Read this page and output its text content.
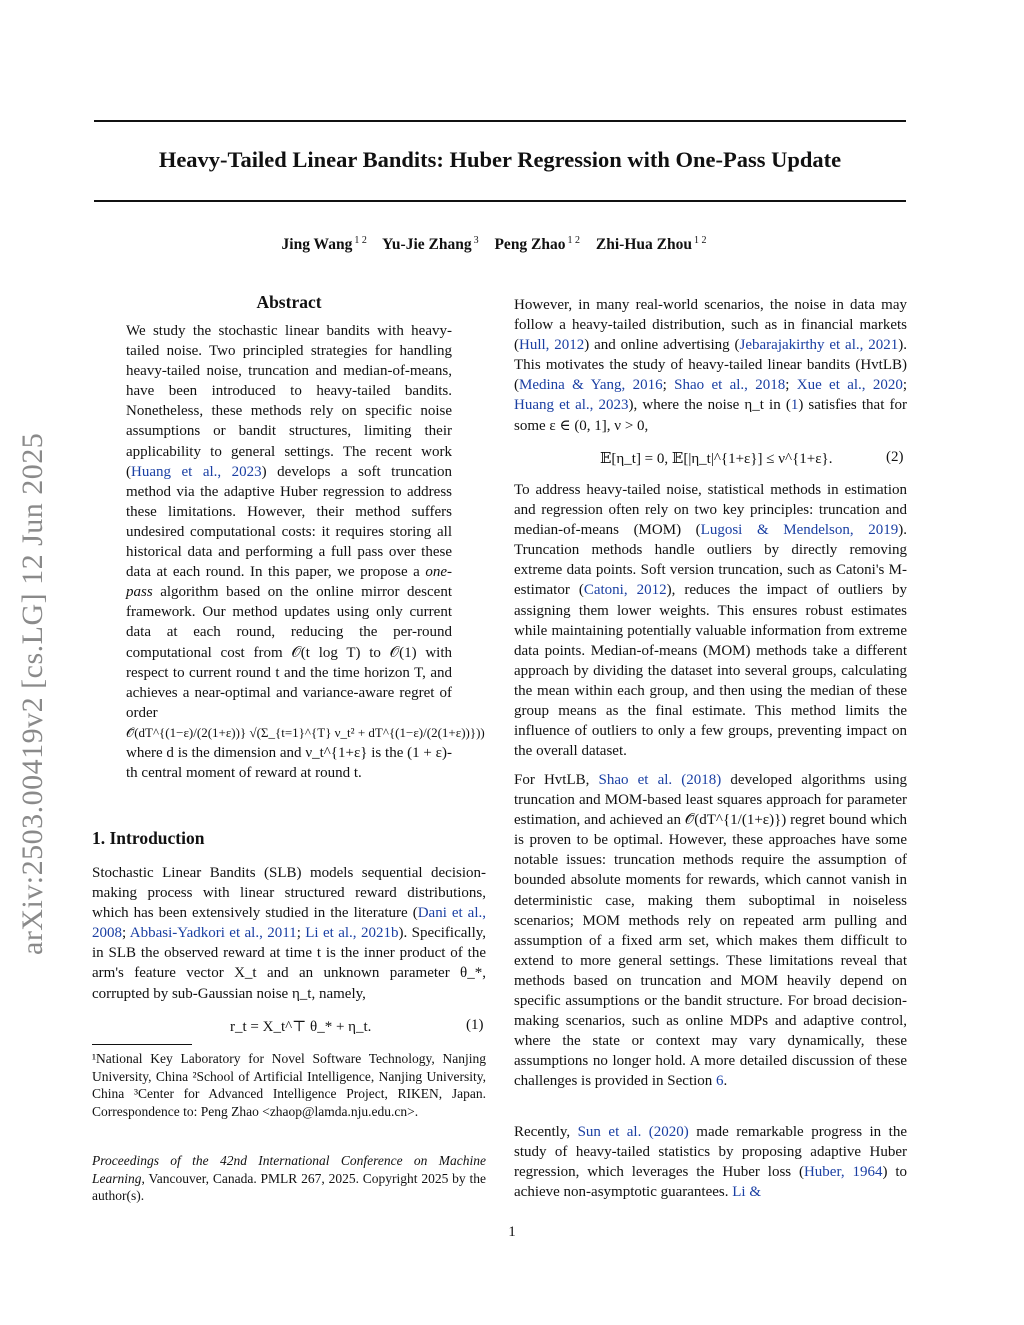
Heavy-Tailed Linear Bandits: Huber Regression with One-Pass Update
Jing Wang $^{1 2}$ Yu-Jie Zhang $^3$ Peng Zhao $^{1 2}$ Zhi-Hua Zhou $^{1 2}$
arXiv:2503.00419v2 [cs.LG] 12 Jun 2025
Abstract
We study the stochastic linear bandits with heavy-tailed noise. Two principled strategies for handling heavy-tailed noise, truncation and median-of-means, have been introduced to heavy-tailed bandits. Nonetheless, these methods rely on specific noise assumptions or bandit structures, limiting their applicability to general settings. The recent work (Huang et al., 2023) develops a soft truncation method via the adaptive Huber regression to address these limitations. However, their method suffers undesired computational costs: it requires storing all historical data and performing a full pass over these data at each round. In this paper, we propose a one-pass algorithm based on the online mirror descent framework. Our method updates using only current data at each round, reducing the per-round computational cost from 𝒪(t log T) to 𝒪(1) with respect to current round t and the time horizon T, and achieves a near-optimal and variance-aware regret of order 𝒪̃(dT^{(1−ε)/(2(1+ε))} √(Σ_{t=1}^{T} ν_t² + dT^{(1−ε)/(2(1+ε))})) where d is the dimension and ν_t^{1+ε} is the (1 + ε)-th central moment of reward at round t.
1. Introduction

Stochastic Linear Bandits (SLB) models sequential decision-making process with linear structured reward distributions, which has been extensively studied in the literature (Dani et al., 2008; Abbasi-Yadkori et al., 2011; Li et al., 2021b). Specifically, in SLB the observed reward at time t is the inner product of the arm's feature vector X_t and an unknown parameter θ_*, corrupted by sub-Gaussian noise η_t, namely,

r_t = X_t^⊤ θ_* + η_t.	(1)
¹National Key Laboratory for Novel Software Technology, Nanjing University, China ²School of Artificial Intelligence, Nanjing University, China ³Center for Advanced Intelligence Project, RIKEN, Japan. Correspondence to: Peng Zhao <zhaop@lamda.nju.edu.cn>.
Proceedings of the 42nd International Conference on Machine Learning, Vancouver, Canada. PMLR 267, 2025. Copyright 2025 by the author(s).

However, in many real-world scenarios, the noise in data may follow a heavy-tailed distribution, such as in financial markets (Hull, 2012) and online advertising (Jebarajakirthy et al., 2021). This motivates the study of heavy-tailed linear bandits (HvtLB) (Medina & Yang, 2016; Shao et al., 2018; Xue et al., 2020; Huang et al., 2023), where the noise η_t in (1) satisfies that for some ε ∈ (0, 1], ν > 0,

𝔼[η_t] = 0, 𝔼[|η_t|^{1+ε}] ≤ ν^{1+ε}.	(2)

To address heavy-tailed noise, statistical methods in estimation and regression often rely on two key principles: truncation and median-of-means (MOM) (Lugosi & Mendelson, 2019). Truncation methods handle outliers by directly removing extreme data points. Soft version truncation, such as Catoni's M-estimator (Catoni, 2012), reduces the impact of outliers by assigning them lower weights. This ensures robust estimates while maintaining potentially valuable information from extreme data points. Median-of-means (MOM) methods take a different approach by dividing the dataset into several groups, calculating the mean within each group, and then using the median of these group means as the final estimate. This method limits the influence of outliers to only a few groups, preventing impact on the overall dataset.

For HvtLB, Shao et al. (2018) developed algorithms using truncation and MOM-based least squares approach for parameter estimation, and achieved an 𝒪̃(dT^{1/(1+ε)}) regret bound which is proven to be optimal. However, these approaches have some notable issues: truncation methods require the assumption of bounded absolute moments for rewards, which cannot vanish in deterministic case, making them suboptimal in noiseless scenarios; MOM methods rely on repeated arm pulling and assumption of a fixed arm set, which makes them difficult to extend to more general settings. These limitations reveal that methods based on truncation and MOM heavily depend on specific assumptions or the bandit structure. For broad decision-making scenarios, such as online MDPs and adaptive control, where the state or context may vary dynamically, these assumptions no longer hold. A more detailed discussion of these challenges is provided in Section 6.

Recently, Sun et al. (2020) made remarkable progress in the study of heavy-tailed statistics by proposing adaptive Huber regression, which leverages the Huber loss (Huber, 1964) to achieve non-asymptotic guarantees. Li &

1
